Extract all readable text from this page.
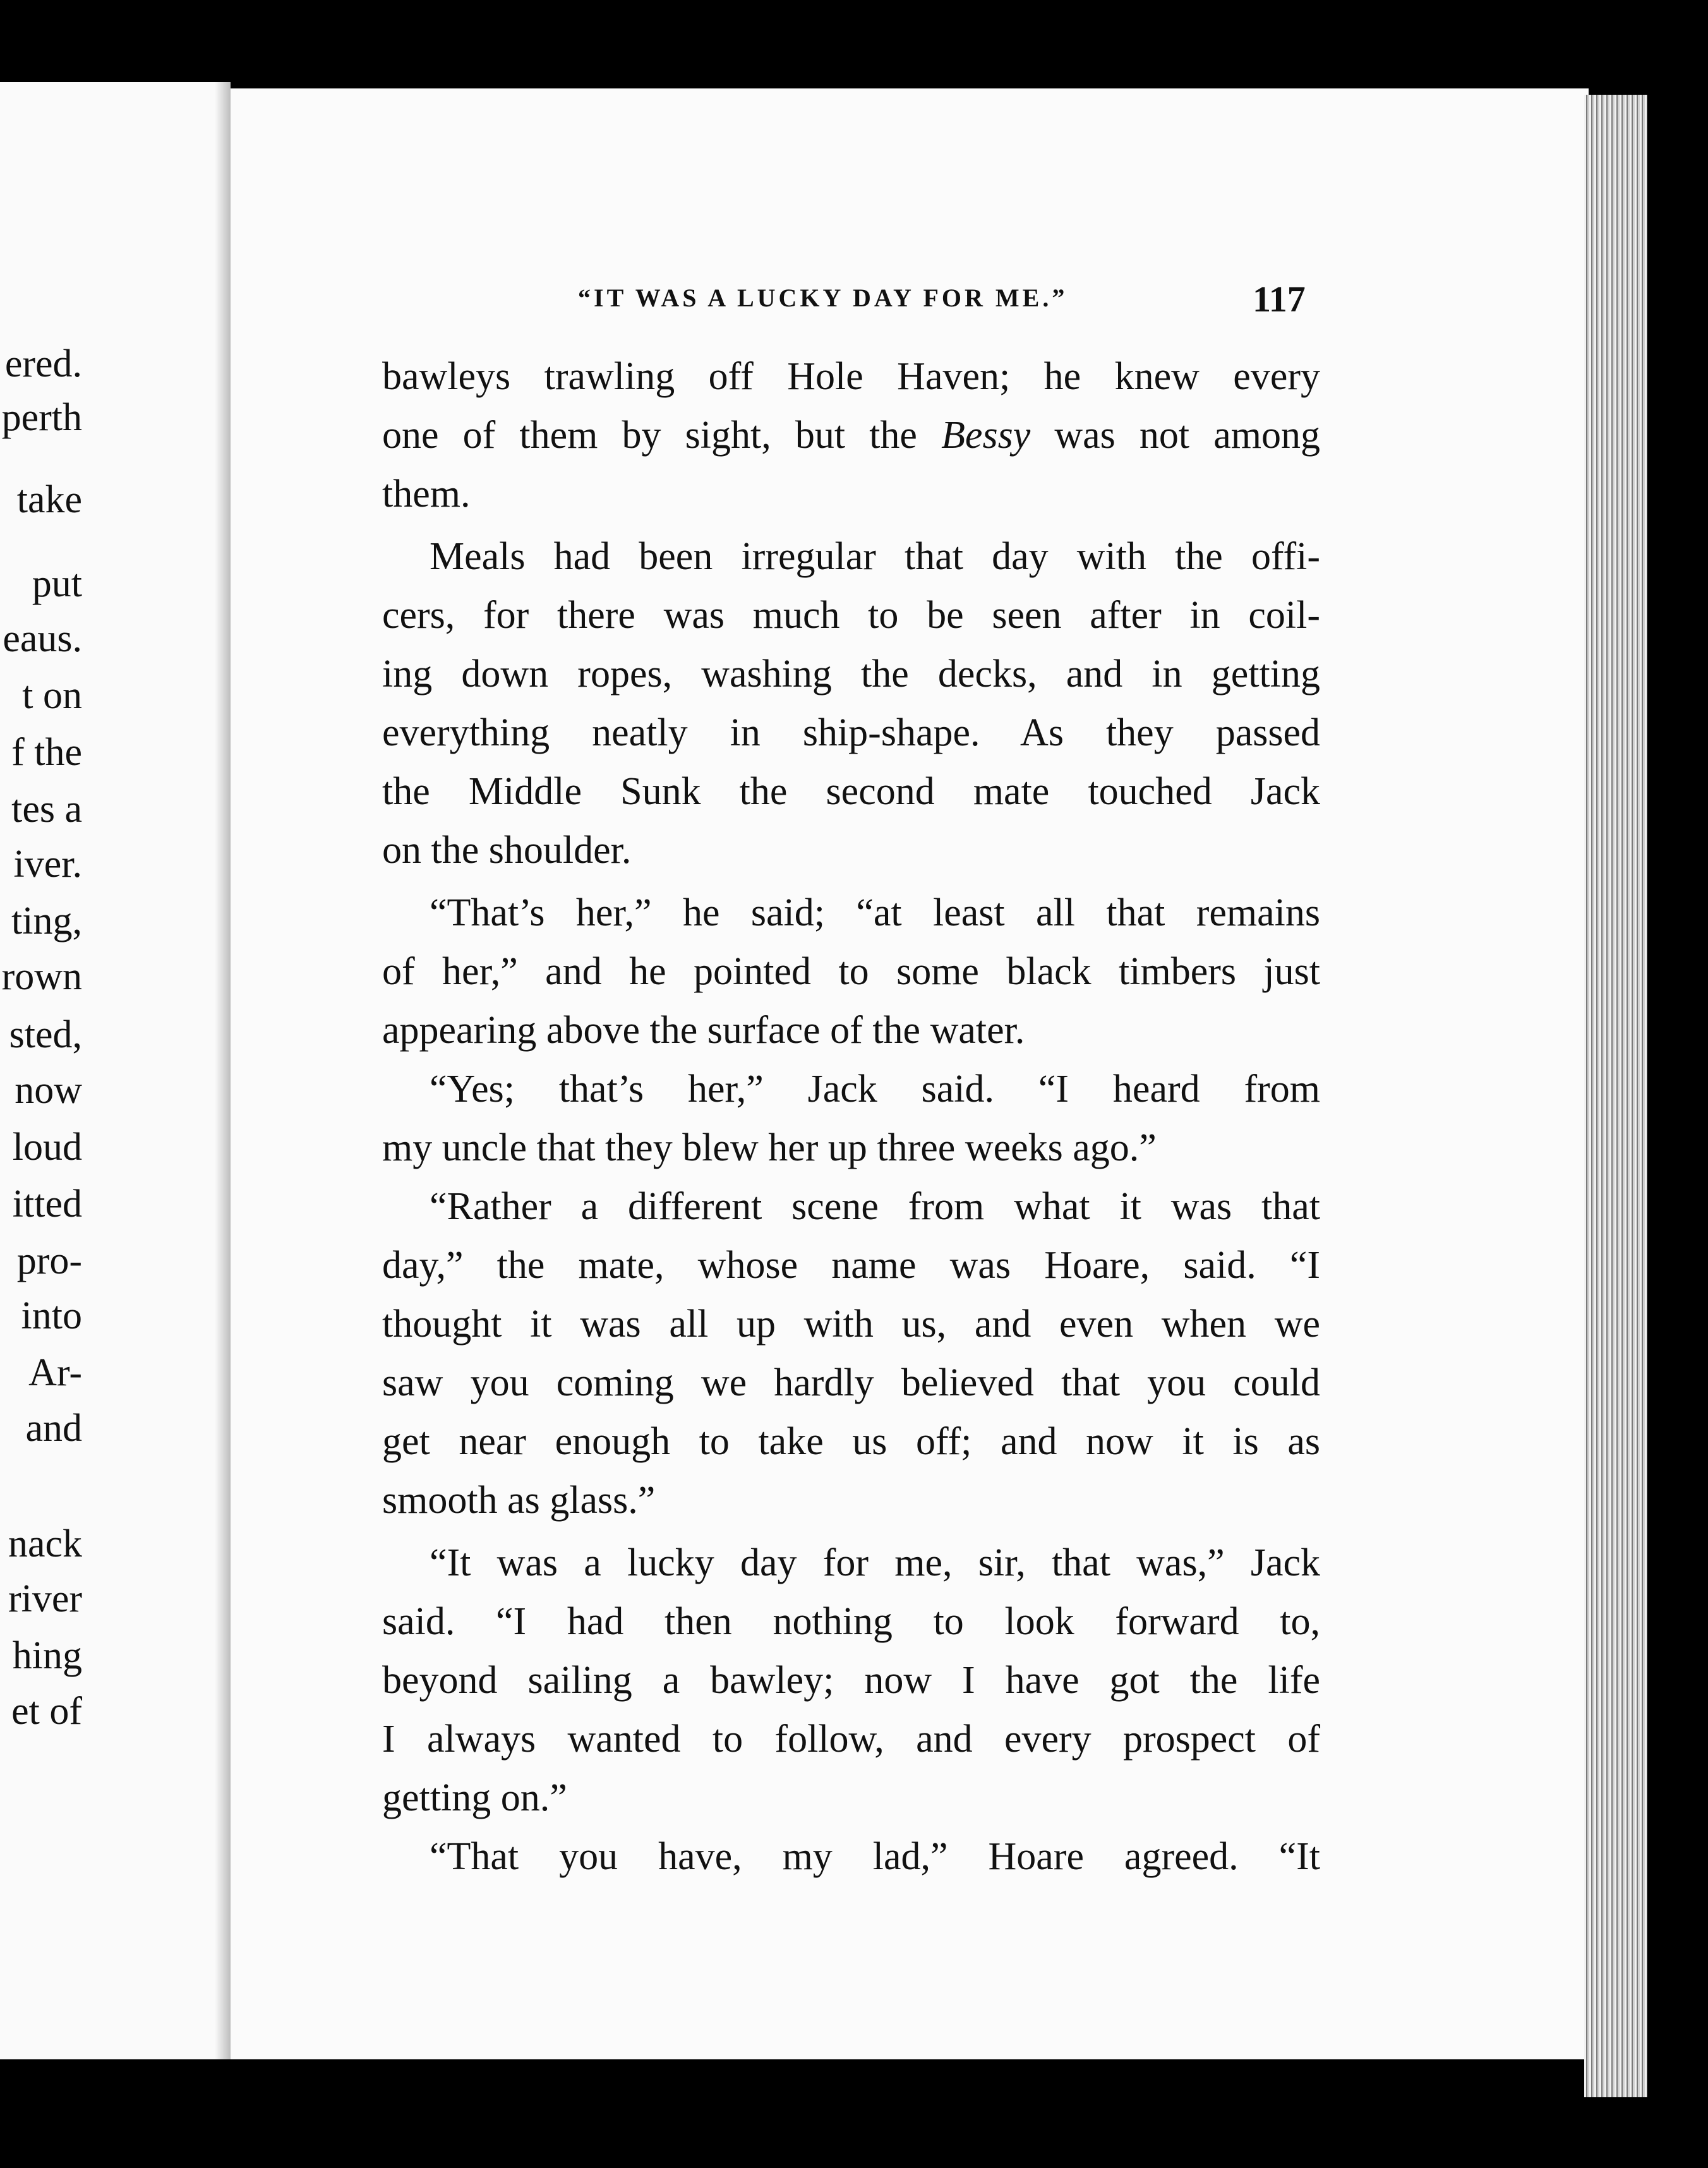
ered.
perth
take
put
eaus.
t on
f the
tes a
iver.
ting,
rown
sted,
now
loud
itted
pro-
into
Ar-
and
nack
river
hing
et of
“IT WAS A LUCKY DAY FOR ME.”	117
bawleys trawling off Hole Haven; he knew every
one of them by sight, but the Bessy was not among
them.
Meals had been irregular that day with the offi-
cers, for there was much to be seen after in coil-
ing down ropes, washing the decks, and in getting
everything neatly in ship-shape. As they passed
the Middle Sunk the second mate touched Jack
on the shoulder.
“That’s her,” he said; “at least all that remains
of her,” and he pointed to some black timbers just
appearing above the surface of the water.
“Yes; that’s her,” Jack said. “I heard from
my uncle that they blew her up three weeks ago.”
“Rather a different scene from what it was that
day,” the mate, whose name was Hoare, said. “I
thought it was all up with us, and even when we
saw you coming we hardly believed that you could
get near enough to take us off; and now it is as
smooth as glass.”
“It was a lucky day for me, sir, that was,” Jack
said. “I had then nothing to look forward to,
beyond sailing a bawley; now I have got the life
I always wanted to follow, and every prospect of
getting on.”
“That you have, my lad,” Hoare agreed. “It
